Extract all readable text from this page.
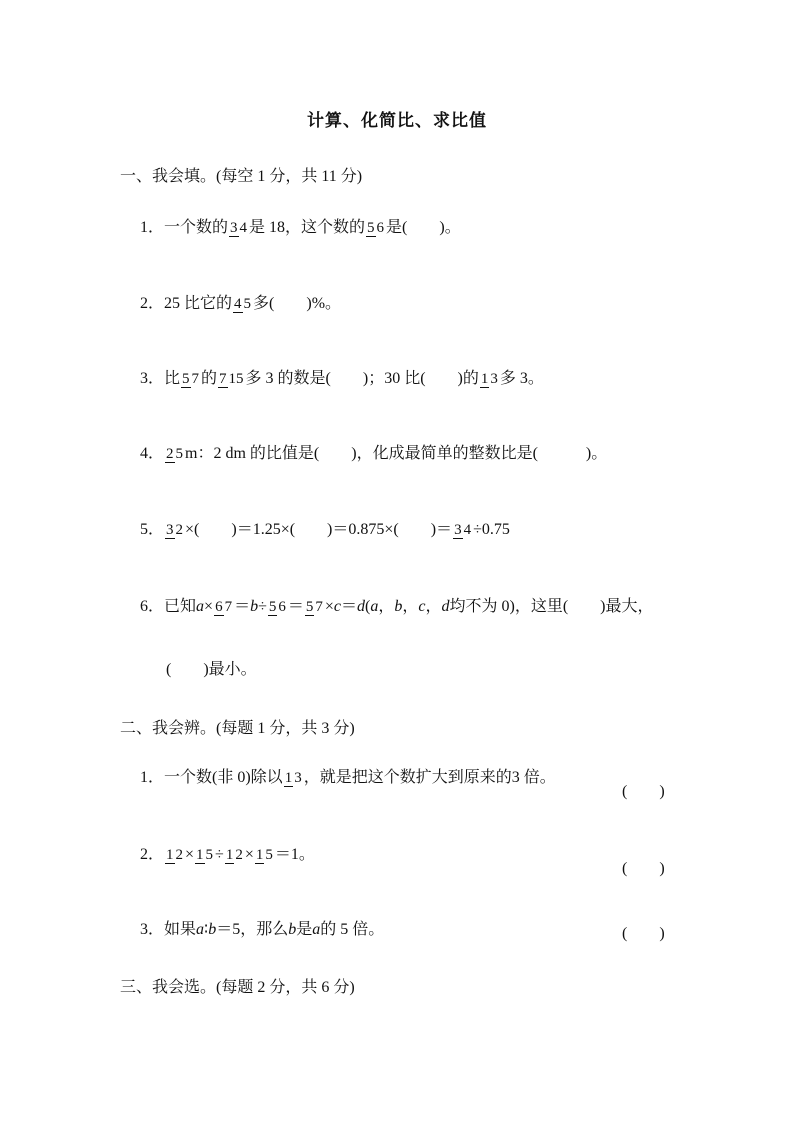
计算、化简比、求比值
一、我会填。(每空 1 分，共 11 分)
1． 一个数的 3 4 是 18，这个数的 5 6 是(　　)。
2． 25 比它的 4 5 多(　　)%。
3． 比 5 7 的 7 15 多 3 的数是(　　)；30 比(　　)的 1 3 多 3。
4． 2 5 m：2 dm 的比值是(　　)，化成最简单的整数比是(　　　)。
5． 3 2 ×(　　)＝1.25×(　　)＝0.875×(　　)＝ 3 4 ÷0.75
6． 已知 a × 6 7 ＝ b ÷ 5 6 ＝ 5 7 × c ＝ d ( a ， b ， c ， d 均不为 0)，这里(　　)最大，
(　　)最小。
二、我会辨。(每题 1 分，共 3 分)
1． 一个数(非 0)除以 1 3 ，就是把这个数扩大到原来的3 倍。
(　　)
2． 1 2 × 1 5 ÷ 1 2 × 1 5 ＝1。
(　　)
3． 如果 a ∶ b ＝5，那么 b 是 a 的 5 倍。	(　　)
三、我会选。(每题 2 分，共 6 分)
